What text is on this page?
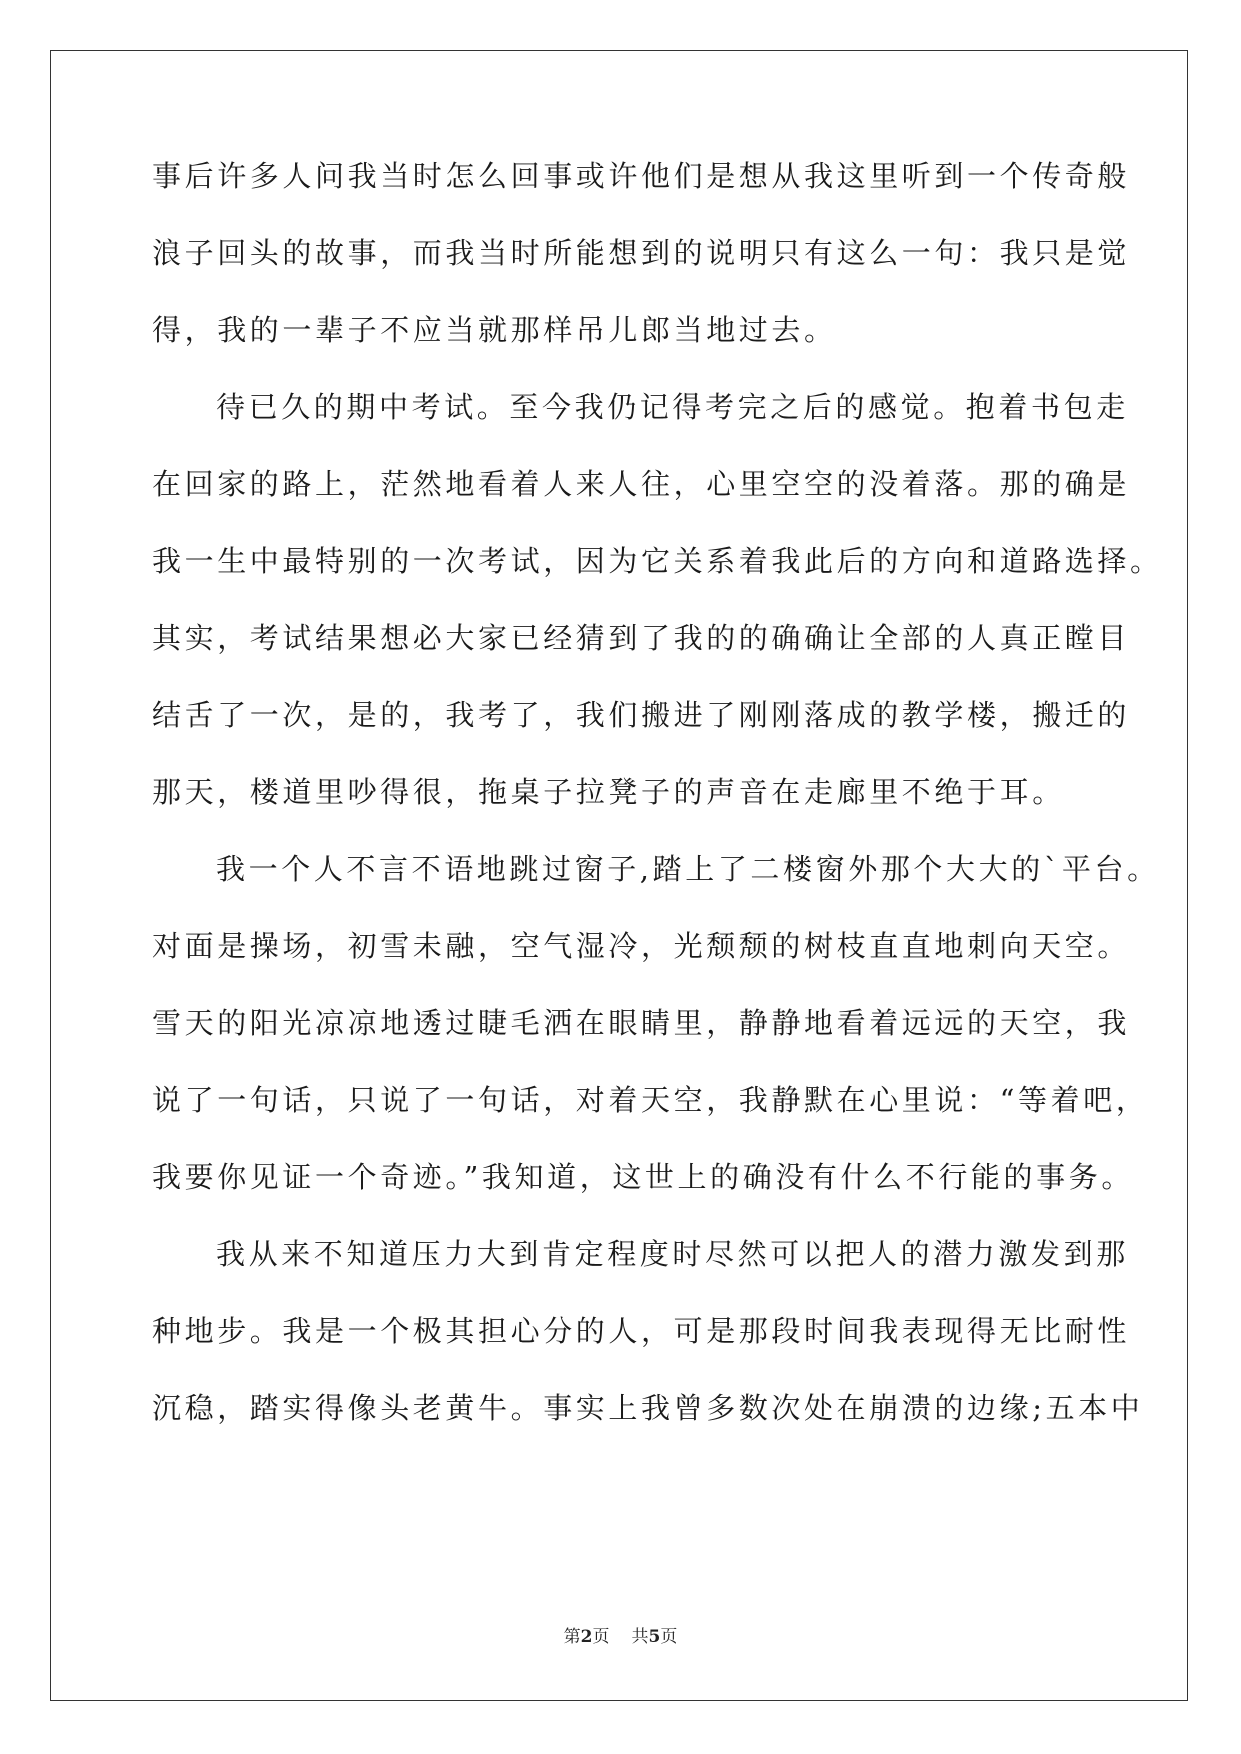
事后许多人问我当时怎么回事或许他们是想从我这里听到一个传奇般
浪子回头的故事，而我当时所能想到的说明只有这么一句：我只是觉
得，我的一辈子不应当就那样吊儿郎当地过去。
待已久的期中考试。至今我仍记得考完之后的感觉。抱着书包走
在回家的路上，茫然地看着人来人往，心里空空的没着落。那的确是
我一生中最特别的一次考试，因为它关系着我此后的方向和道路选择。
其实，考试结果想必大家已经猜到了我的的确确让全部的人真正瞠目
结舌了一次，是的，我考了，我们搬进了刚刚落成的教学楼，搬迁的
那天，楼道里吵得很，拖桌子拉凳子的声音在走廊里不绝于耳。
我一个人不言不语地跳过窗子,踏上了二楼窗外那个大大的`平台。
对面是操场，初雪未融，空气湿冷，光颓颓的树枝直直地刺向天空。
雪天的阳光凉凉地透过睫毛洒在眼睛里，静静地看着远远的天空，我
说了一句话，只说了一句话，对着天空，我静默在心里说：“等着吧，
我要你见证一个奇迹。”我知道，这世上的确没有什么不行能的事务。
我从来不知道压力大到肯定程度时尽然可以把人的潜力激发到那
种地步。我是一个极其担心分的人，可是那段时间我表现得无比耐性
沉稳，踏实得像头老黄牛。事实上我曾多数次处在崩溃的边缘;五本中
第2页 共5页
